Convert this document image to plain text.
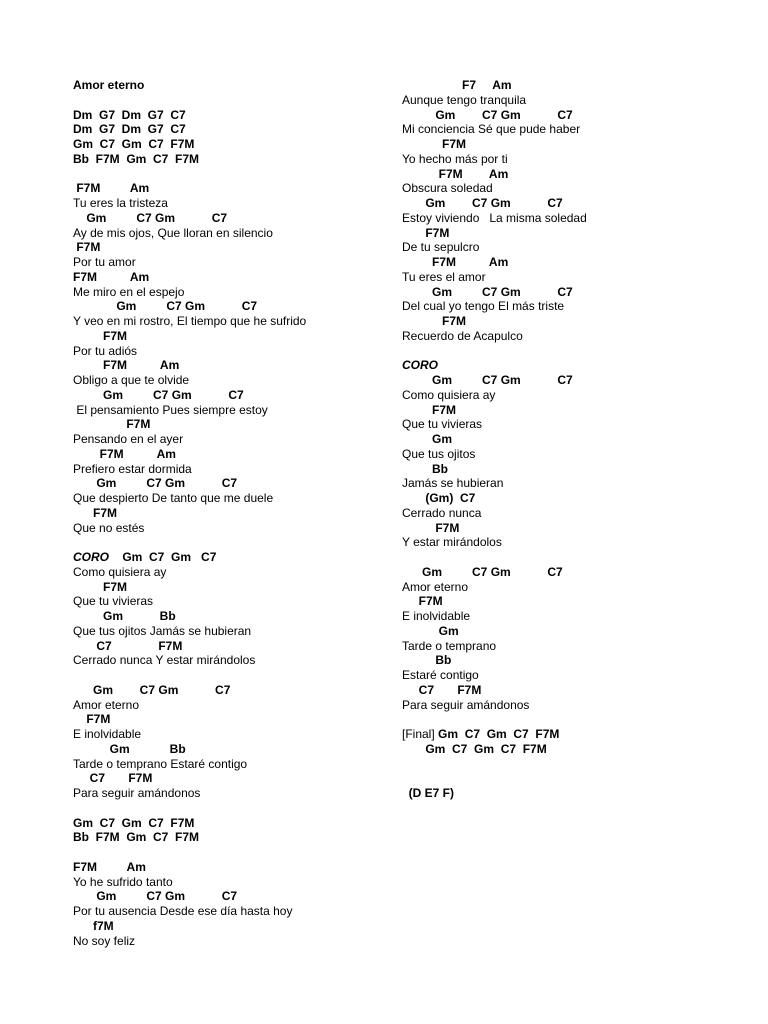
Amor eterno
Dm  G7  Dm  G7  C7
Dm  G7  Dm  G7  C7
Gm  C7  Gm  C7  F7M
Bb  F7M  Gm  C7  F7M
F7M         Am
Tu eres la tristeza
Gm         C7 Gm           C7
Ay de mis ojos, Que lloran en silencio
F7M
Por tu amor
F7M          Am
Me miro en el espejo
Gm         C7 Gm           C7
Y veo en mi rostro, El tiempo que he sufrido
F7M
Por tu adiós
F7M          Am
Obligo a que te olvide
Gm         C7 Gm           C7
El pensamiento Pues siempre estoy
F7M
Pensando en el ayer
F7M          Am
Prefiero estar dormida
Gm         C7 Gm           C7
Que despierto De tanto que me duele
F7M
Que no estés
CORO    Gm  C7  Gm   C7
Como quisiera ay
F7M
Que tu vivieras
Gm           Bb
Que tus ojitos Jamás se hubieran
C7              F7M
Cerrado nunca Y estar mirándolos
Gm        C7 Gm           C7
Amor eterno
F7M
E inolvidable
Gm            Bb
Tarde o temprano Estaré contigo
C7       F7M
Para seguir amándonos
Gm  C7  Gm  C7  F7M
Bb  F7M  Gm  C7  F7M
F7M         Am
Yo he sufrido tanto
Gm         C7 Gm           C7
Por tu ausencia Desde ese día hasta hoy
f7M
No soy feliz
F7     Am
Aunque tengo tranquila
Gm        C7 Gm           C7
Mi conciencia Sé que pude haber
F7M
Yo hecho más por ti
F7M        Am
Obscura soledad
Gm        C7 Gm           C7
Estoy viviendo   La misma soledad
F7M
De tu sepulcro
F7M          Am
Tu eres el amor
Gm         C7 Gm           C7
Del cual yo tengo El más triste
F7M
Recuerdo de Acapulco
CORO
Gm         C7 Gm           C7
Como quisiera ay
F7M
Que tu vivieras
Gm
Que tus ojitos
Bb
Jamás se hubieran
(Gm)  C7
Cerrado nunca
F7M
Y estar mirándolos
Gm         C7 Gm           C7
Amor eterno
F7M
E inolvidable
Gm
Tarde o temprano
Bb
Estaré contigo
C7       F7M
Para seguir amándonos
[Final] Gm  C7  Gm  C7  F7M
Gm  C7  Gm  C7  F7M
(D E7 F)
